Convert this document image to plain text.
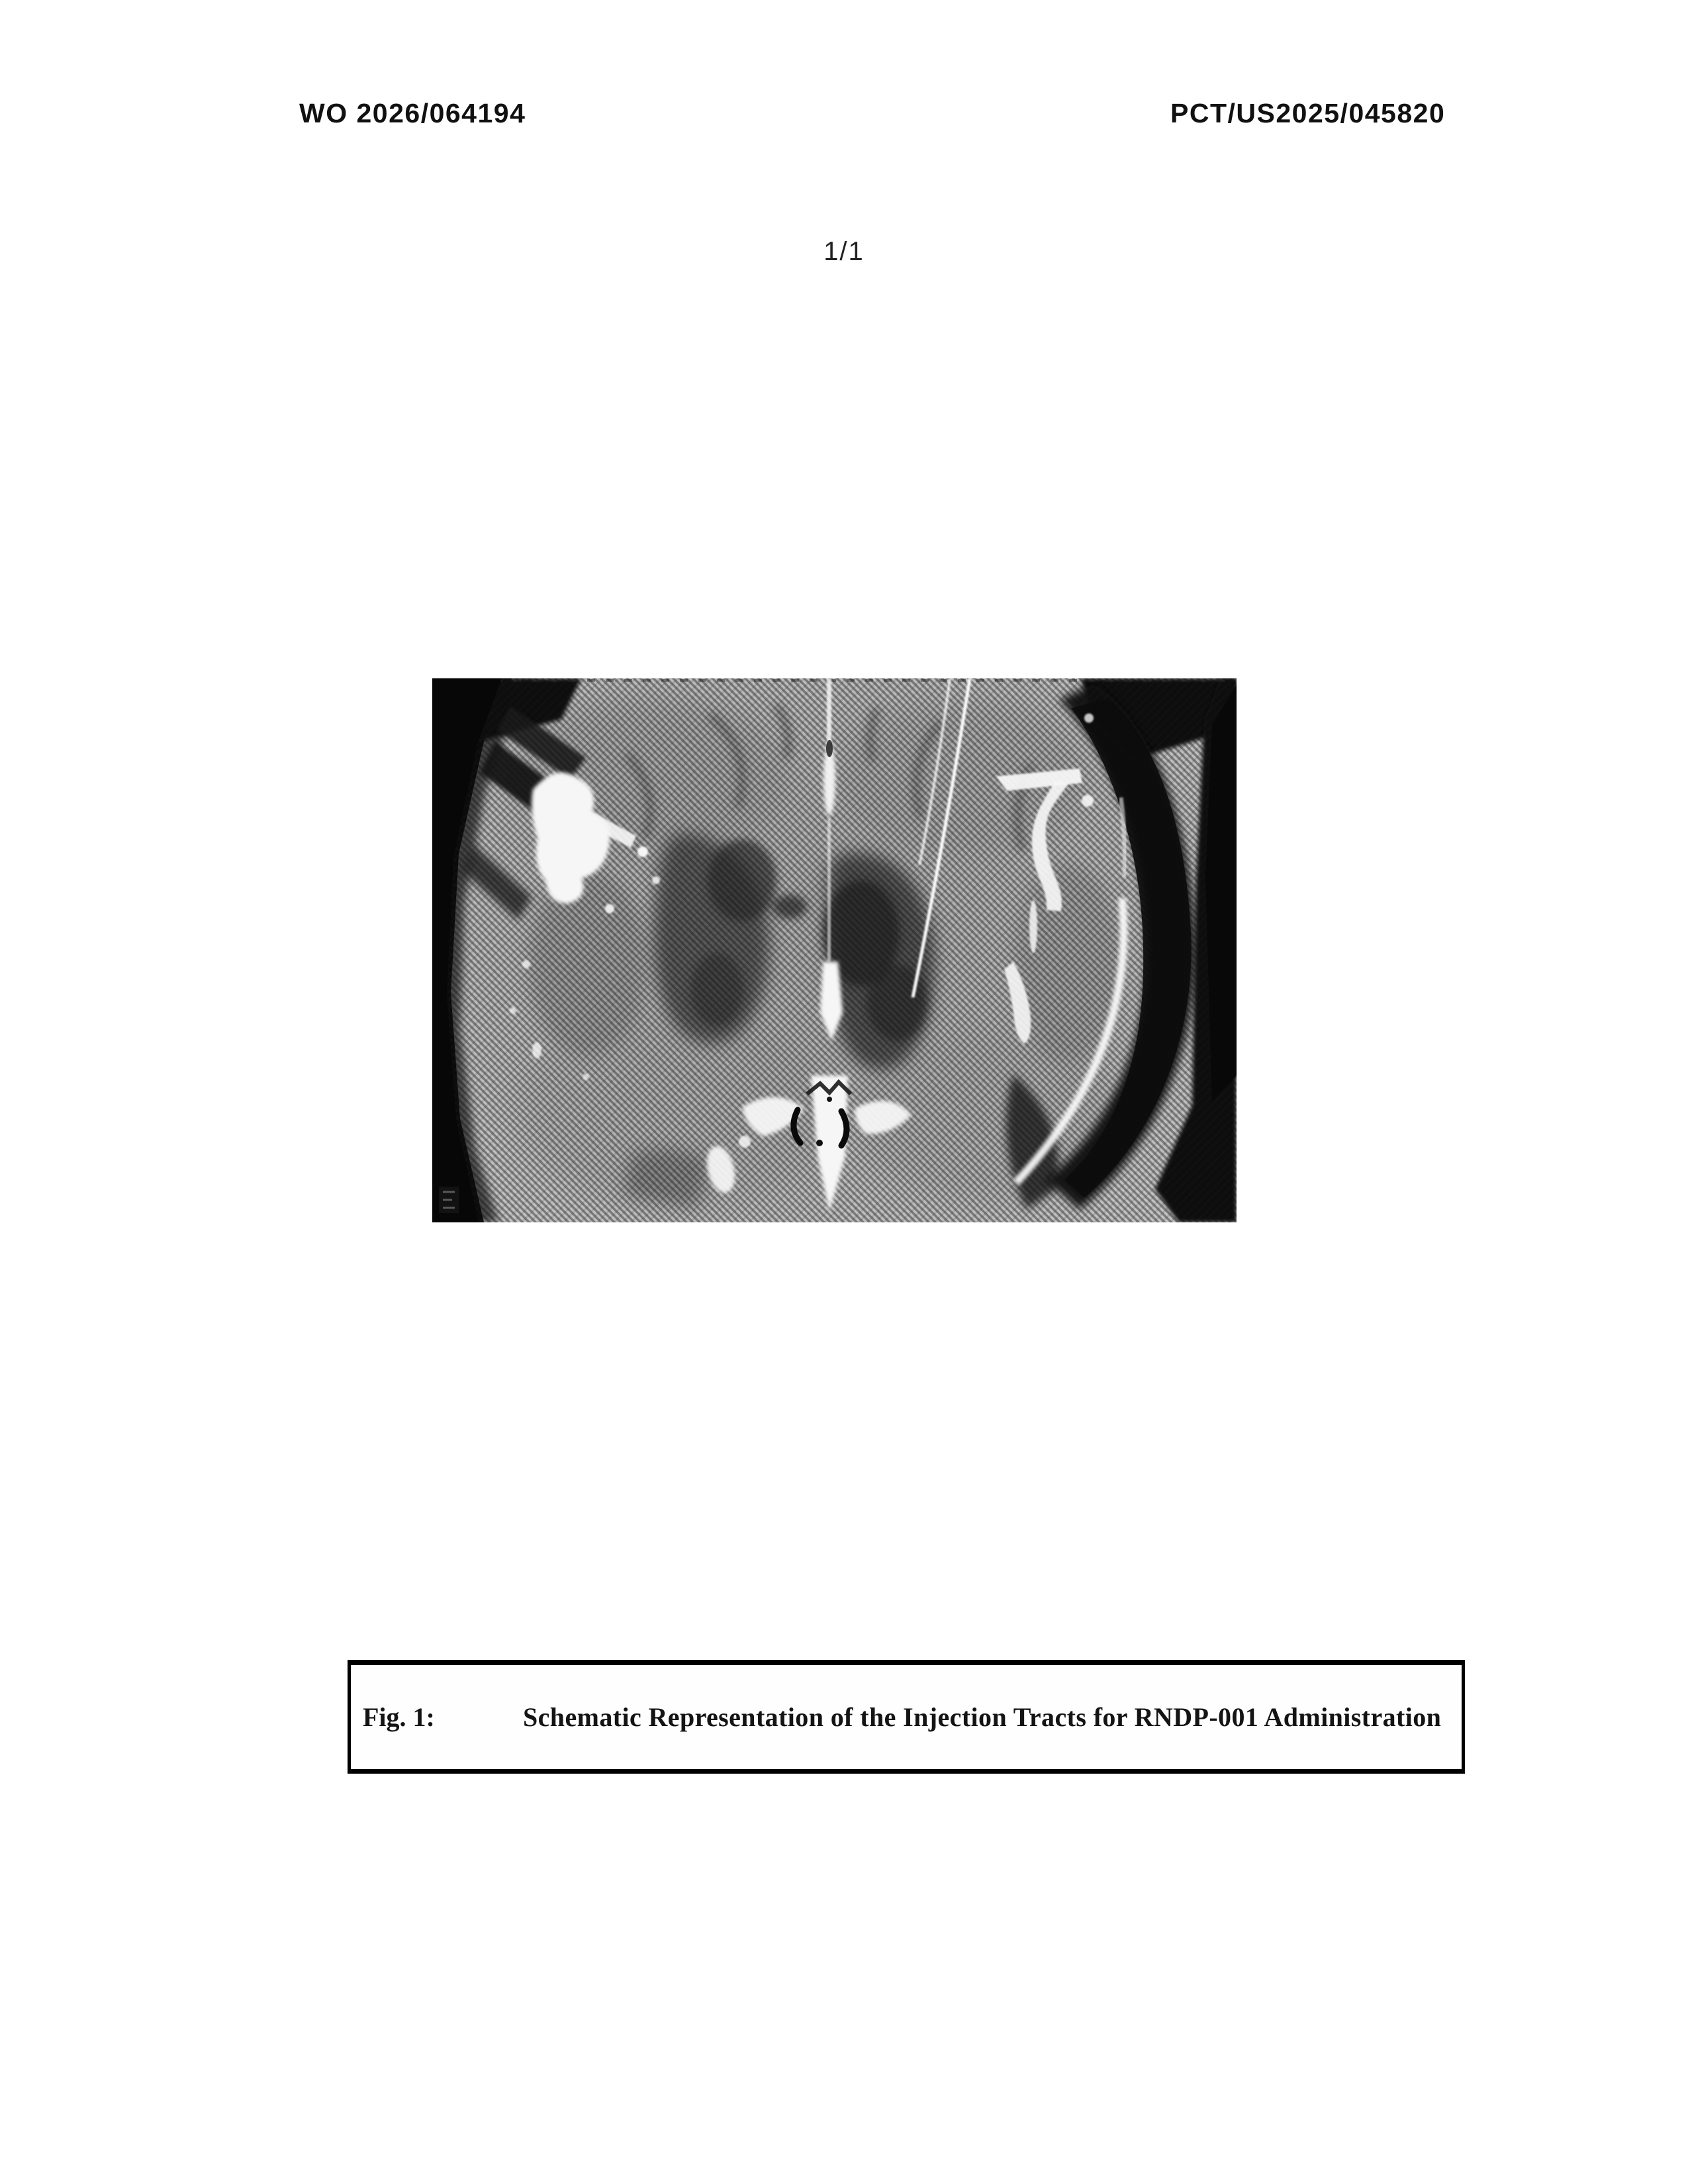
WO 2026/064194	PCT/US2025/045820
1/1
Fig. 1:	Schematic Representation of the Injection Tracts for RNDP-001 Administration
